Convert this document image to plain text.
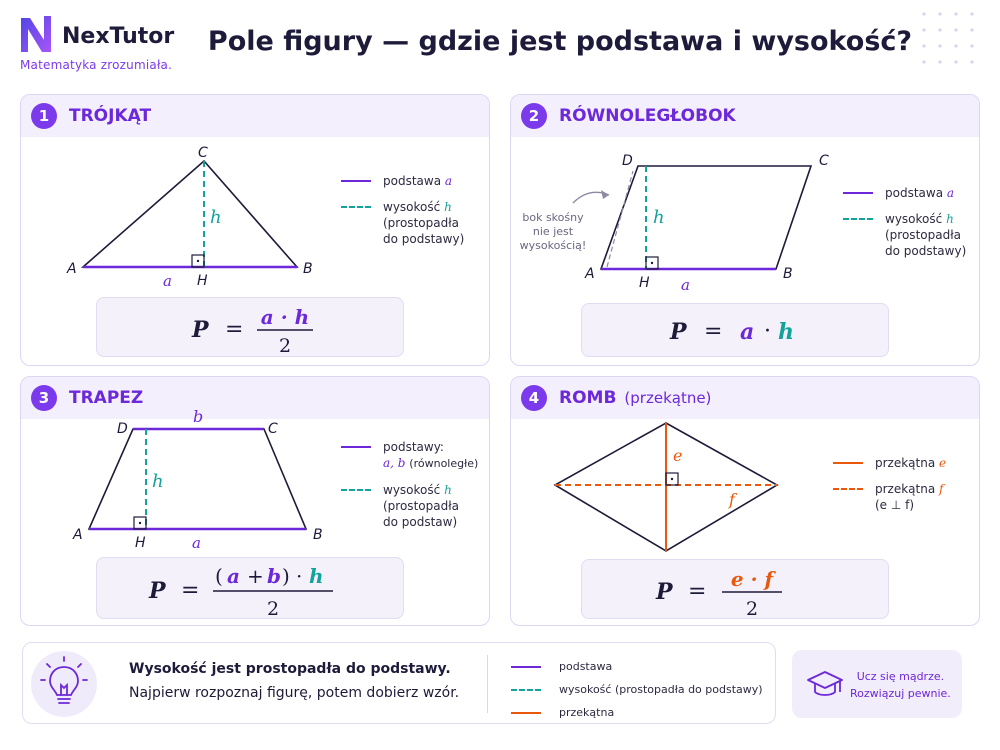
NexTutor
Matematyka zrozumiała.
Pole figury — gdzie jest podstawa i wysokość?
1	TRÓJKĄT
A	B
C
H
a
h
podstawa a
wysokość h
(prostopadła
do podstawy)
P = a · h
2
2	RÓWNOLEGŁOBOK
bok skośny
nie jest
wysokością!
A	B
C
D
H a
h
podstawa a
wysokość h
(prostopadła
do podstawy)
P = a · h
3	TRAPEZ
A	B
C
D
H	a
b
h
podstawy:
a, b (równoległe)
wysokość h
(prostopadła
do podstaw)
P =
( a + b ) · h
2
4	ROMB (przekątne)
e
f
przekątna e
przekątna f
(e ⊥ f)
P = e · f
2
Wysokość jest prostopadła do podstawy.
Najpierw rozpoznaj figurę, potem dobierz wzór.
podstawa
wysokość (prostopadła do podstawy)
przekątna
Ucz się mądrze.
Rozwiązuj pewnie.
